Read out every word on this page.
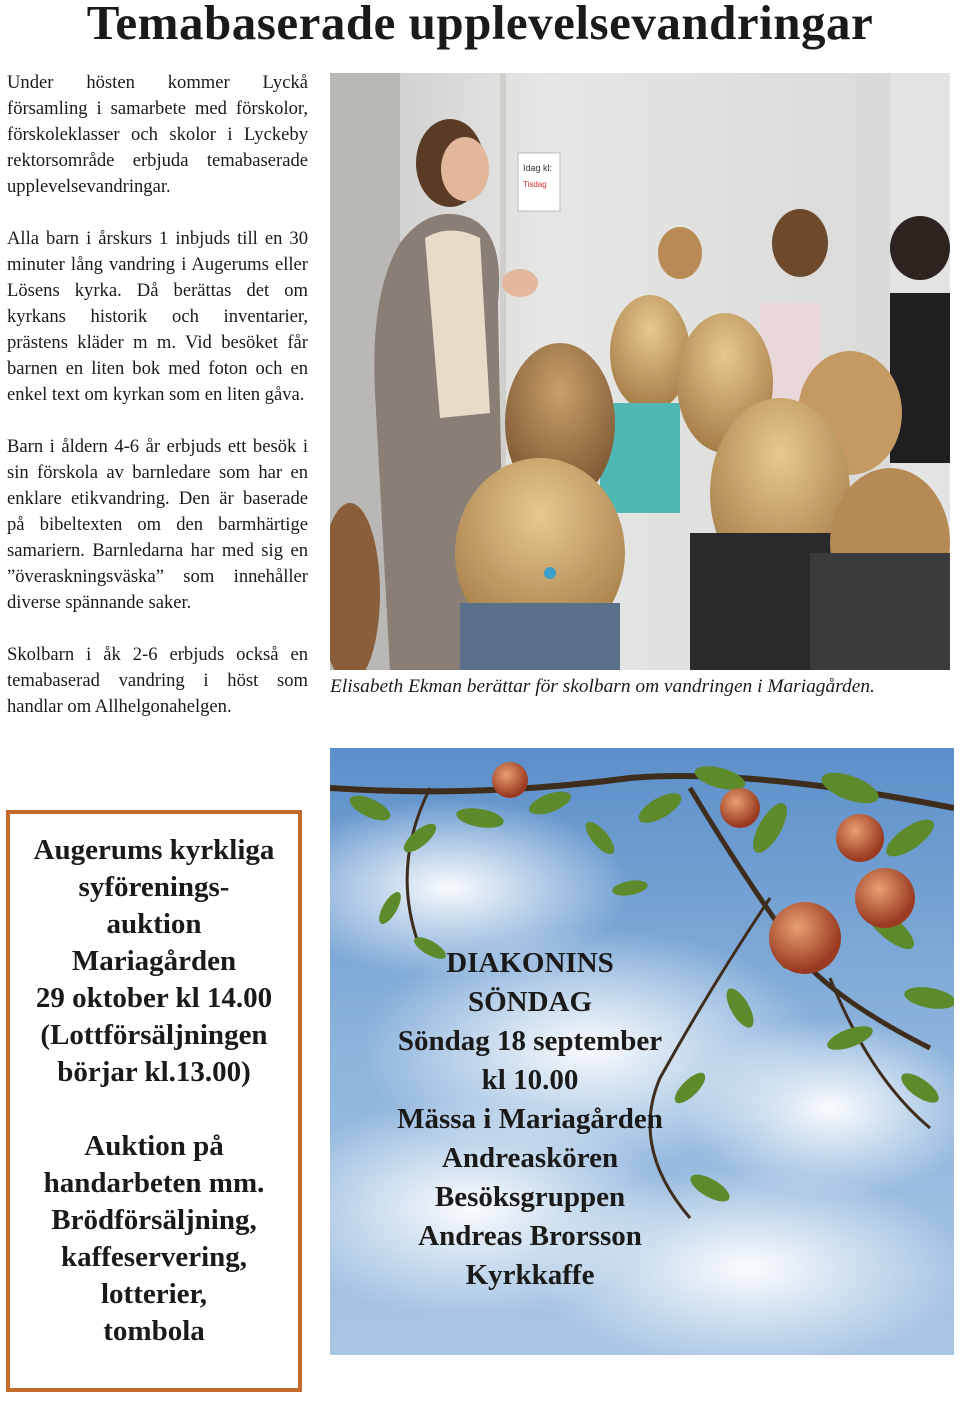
Temabaserade upplevelsevandringar

Under hösten kommer Lyckå församling i samarbete med förskolor, förskoleklasser och skolor i Lyckeby rektorsområde erbjuda temabaserade upplevelsevandringar.

Alla barn i årskurs 1 inbjuds till en 30 minuter lång vandring i Augerums eller Lösens kyrka. Då berättas det om kyrkans historik och inventarier, prästens kläder m m. Vid besöket får barnen en liten bok med foton och en enkel text om kyrkan som en liten gåva.

Barn i åldern 4-6 år erbjuds ett besök i sin förskola av barnledare som har en enklare etikvandring. Den är baserade på bibeltexten om den barmhärtige samariern. Barnledarna har med sig en ”överaskningsväska” som innehåller diverse spännande saker.

Skolbarn i åk 2-6 erbjuds också en temabaserad vandring i höst som handlar om Allhelgonahelgen.

Idag kl:
Tisdag
Elisabeth Ekman berättar för skolbarn om vandringen i Mariagården.
Augerums kyrkliga
syförenings-
auktion
Mariagården
29 oktober kl 14.00
(Lottförsäljningen
börjar kl.13.00)
Auktion på
handarbeten mm.
Brödförsäljning,
kaffeservering,
lotterier,
tombola
DIAKONINS
SÖNDAG
Söndag 18 september
kl 10.00
Mässa i Mariagården
Andreaskören
Besöksgruppen
Andreas Brorsson
Kyrkkaffe
